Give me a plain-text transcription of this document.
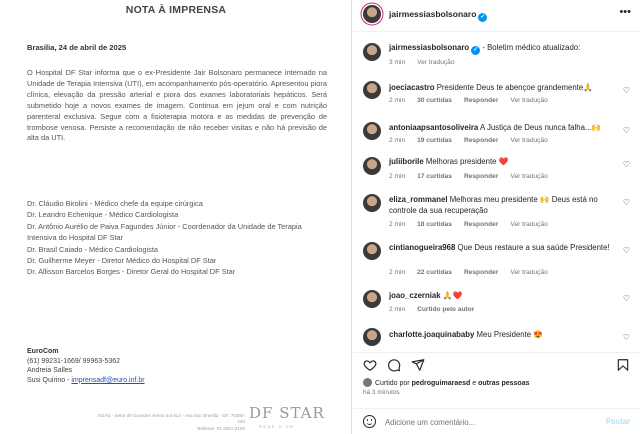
NOTA À IMPRENSA
Brasília, 24 de abril de 2025
O Hospital DF Star informa que o ex-Presidente Jair Bolsonaro permanece internado na Unidade de Terapia Intensiva (UTI), em acompanhamento pós-operatório. Apresentou piora clínica, elevação da pressão arterial e piora dos exames laboratoriais hepáticos. Será submetido hoje a novos exames de imagem. Continua em jejum oral e com nutrição parenteral exclusiva. Segue com a fisioterapia motora e as medidas de prevenção de trombose venosa. Persiste a recomendação de não receber visitas e não há previsão de alta da UTI.
Dr. Cláudio Birolini - Médico chefe da equipe cirúrgica
Dr. Leandro Echenique - Médico Cardiologista
Dr. Antônio Aurélio de Paiva Fagundes Júnior - Coordenador da Unidade de Terapia Intensiva do Hospital DF Star
Dr. Brasil Caiado - Médico Cardiologista
Dr. Guilherme Meyer - Diretor Médico do Hospital DF Star
Dr. Allisson Barcelos Borges - Diretor Geral do Hospital DF Star
EuroCom
(61) 99231-1669/ 99963-5362
Andreia Salles
Susi Quirino - imprensadf@euro.inf.br
SGAS - Setor de Grandes Áreas Sul 914 - Asa Sul, Brasília - DF, 70390-140
Telefone: 61 3251-3100
DF STAR
REDE D'OR
jairmessiasbolsonaro ✓	•••
jairmessiasbolsonaro ✓ - Boletim médico atualizado:
3 min Ver tradução
joeciacastro Presidente Deus te abençoe grandemente🙏
2 min 30 curtidas Responder Ver tradução
♡
antoniaapsantosoliveira A Justiça de Deus nunca falha...🙌
2 min 19 curtidas Responder Ver tradução
♡
juliiborile Melhoras presidente ❤️
2 min 17 curtidas Responder Ver tradução
♡
eliza_rommanel Melhoras meu presidente 🙌 Deus está no controle da sua recuperação
2 min 18 curtidas Responder Ver tradução
♡
cintianogueira968 Que Deus restaure a sua saúde Presidente!
2 min 22 curtidas Responder Ver tradução
♡
joao_czerniak 🙏❤️
2 min Curtido pelo autor
♡
charlotte.joaquinababy Meu Presidente 😍	♡
Curtido por pedroguimaraesd e outras pessoas
há 3 minutos
Adicione um comentário...
Postar
